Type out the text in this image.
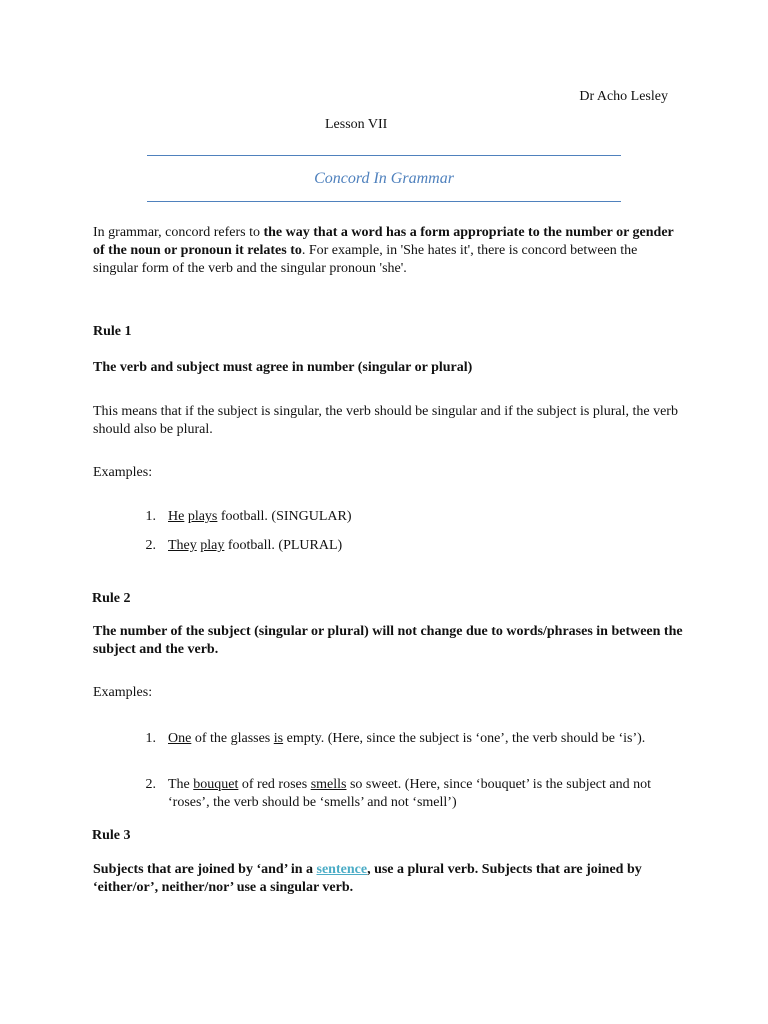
Dr Acho Lesley
Lesson VII
Concord In Grammar
In grammar, concord refers to the way that a word has a form appropriate to the number or gender of the noun or pronoun it relates to. For example, in 'She hates it', there is concord between the singular form of the verb and the singular pronoun 'she'.
Rule 1
The verb and subject must agree in number (singular or plural)
This means that if the subject is singular, the verb should be singular and if the subject is plural, the verb should also be plural.
Examples:
1. He plays football. (SINGULAR)
2. They play football. (PLURAL)
Rule 2
The number of the subject (singular or plural) will not change due to words/phrases in between the subject and the verb.
Examples:
1. One of the glasses is empty. (Here, since the subject is ‘one’, the verb should be ‘is’).
2. The bouquet of red roses smells so sweet. (Here, since ‘bouquet’ is the subject and not ‘roses’, the verb should be ‘smells’ and not ‘smell’)
Rule 3
Subjects that are joined by ‘and’ in a sentence, use a plural verb. Subjects that are joined by ‘either/or’, neither/nor’ use a singular verb.
